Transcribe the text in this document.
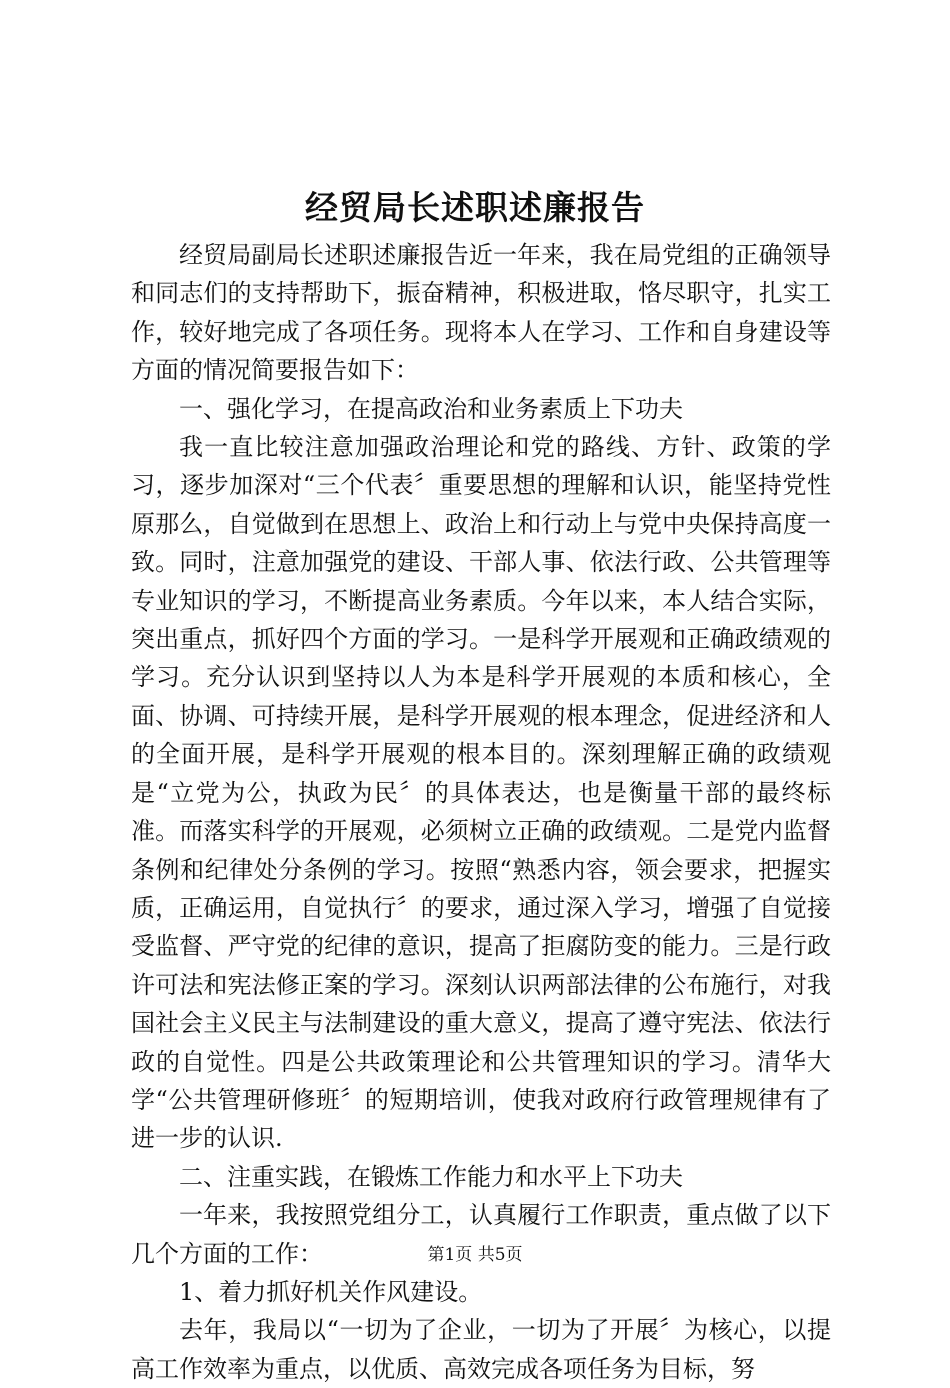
经贸局长述职述廉报告

经贸局副局长述职述廉报告近一年来，我在局党组的正确领导和同志们的支持帮助下，振奋精神，积极进取，恪尽职守，扎实工作，较好地完成了各项任务。现将本人在学习、工作和自身建设等方面的情况简要报告如下：

一、强化学习，在提高政治和业务素质上下功夫

我一直比较注意加强政治理论和党的路线、方针、政策的学习，逐步加深对“三个代表〞重要思想的理解和认识，能坚持党性原那么，自觉做到在思想上、政治上和行动上与党中央保持高度一致。同时，注意加强党的建设、干部人事、依法行政、公共管理等专业知识的学习，不断提高业务素质。今年以来，本人结合实际，突出重点，抓好四个方面的学习。一是科学开展观和正确政绩观的学习。充分认识到坚持以人为本是科学开展观的本质和核心，全面、协调、可持续开展，是科学开展观的根本理念，促进经济和人的全面开展，是科学开展观的根本目的。深刻理解正确的政绩观是“立党为公，执政为民〞的具体表达，也是衡量干部的最终标准。而落实科学的开展观，必须树立正确的政绩观。二是党内监督条例和纪律处分条例的学习。按照“熟悉内容，领会要求，把握实质，正确运用，自觉执行〞的要求，通过深入学习，增强了自觉接受监督、严守党的纪律的意识，提高了拒腐防变的能力。三是行政许可法和宪法修正案的学习。深刻认识两部法律的公布施行，对我国社会主义民主与法制建设的重大意义，提高了遵守宪法、依法行政的自觉性。四是公共政策理论和公共管理知识的学习。清华大学“公共管理研修班〞的短期培训，使我对政府行政管理规律有了进一步的认识.

二、注重实践，在锻炼工作能力和水平上下功夫

一年来，我按照党组分工，认真履行工作职责，重点做了以下几个方面的工作：

1、着力抓好机关作风建设。

去年，我局以“一切为了企业，一切为了开展〞为核心，以提高工作效率为重点，以优质、高效完成各项任务为目标，努

第1页 共5页
